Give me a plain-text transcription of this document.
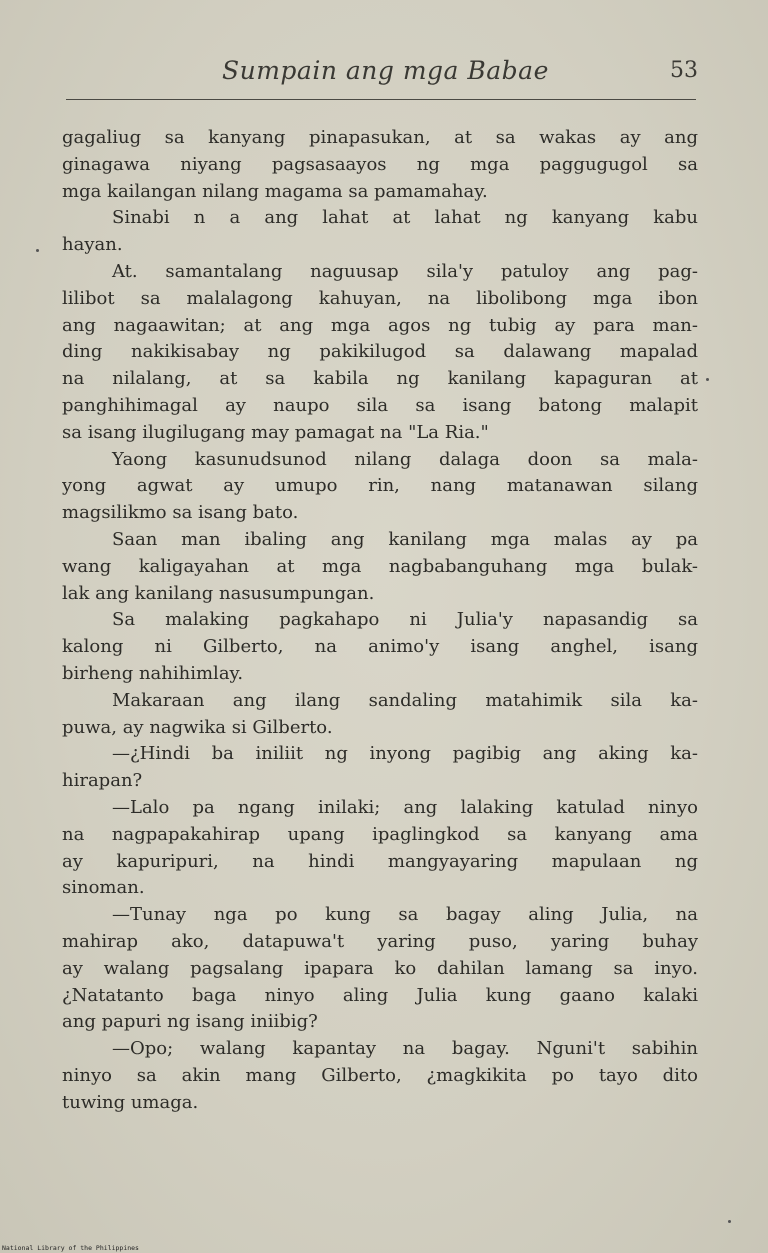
Sumpain ang mga Babae	53
gagaliug sa kanyang pinapasukan, at sa wakas ay ang
ginagawa niyang pagsasaayos ng mga paggugugol sa
mga kailangan nilang magama sa pamamahay.
Sinabi n a ang lahat at lahat ng kanyang kabu
hayan.
At. samantalang naguusap sila'y patuloy ang pag-
lilibot sa malalagong kahuyan, na libolibong mga ibon
ang nagaawitan; at ang mga agos ng tubig ay para man-
ding nakikisabay ng pakikilugod sa dalawang mapalad
na nilalang, at sa kabila ng kanilang kapaguran at
panghihimagal ay naupo sila sa isang batong malapit
sa isang ilugilugang may pamagat na "La Ria."
Yaong kasunudsunod nilang dalaga doon sa mala-
yong agwat ay umupo rin, nang matanawan silang
magsilikmo sa isang bato.
Saan man ibaling ang kanilang mga malas ay pa
wang kaligayahan at mga nagbabanguhang mga bulak-
lak ang kanilang nasusumpungan.
Sa malaking pagkahapo ni Julia'y napasandig sa
kalong ni Gilberto, na animo'y isang anghel, isang
birheng nahihimlay.
Makaraan ang ilang sandaling matahimik sila ka-
puwa, ay nagwika si Gilberto.
—¿Hindi ba iniliit ng inyong pagibig ang aking ka-
hirapan?
—Lalo pa ngang inilaki; ang lalaking katulad ninyo
na nagpapakahirap upang ipaglingkod sa kanyang ama
ay kapuripuri, na hindi mangyayaring mapulaan ng
sinoman.
—Tunay nga po kung sa bagay aling Julia, na
mahirap ako, datapuwa't yaring puso, yaring buhay
ay walang pagsalang ipapara ko dahilan lamang sa inyo.
¿Natatanto baga ninyo aling Julia kung gaano kalaki
ang papuri ng isang iniibig?
—Opo; walang kapantay na bagay. Nguni't sabihin
ninyo sa akin mang Gilberto, ¿magkikita po tayo dito
tuwing umaga.
National Library of the Philippines
